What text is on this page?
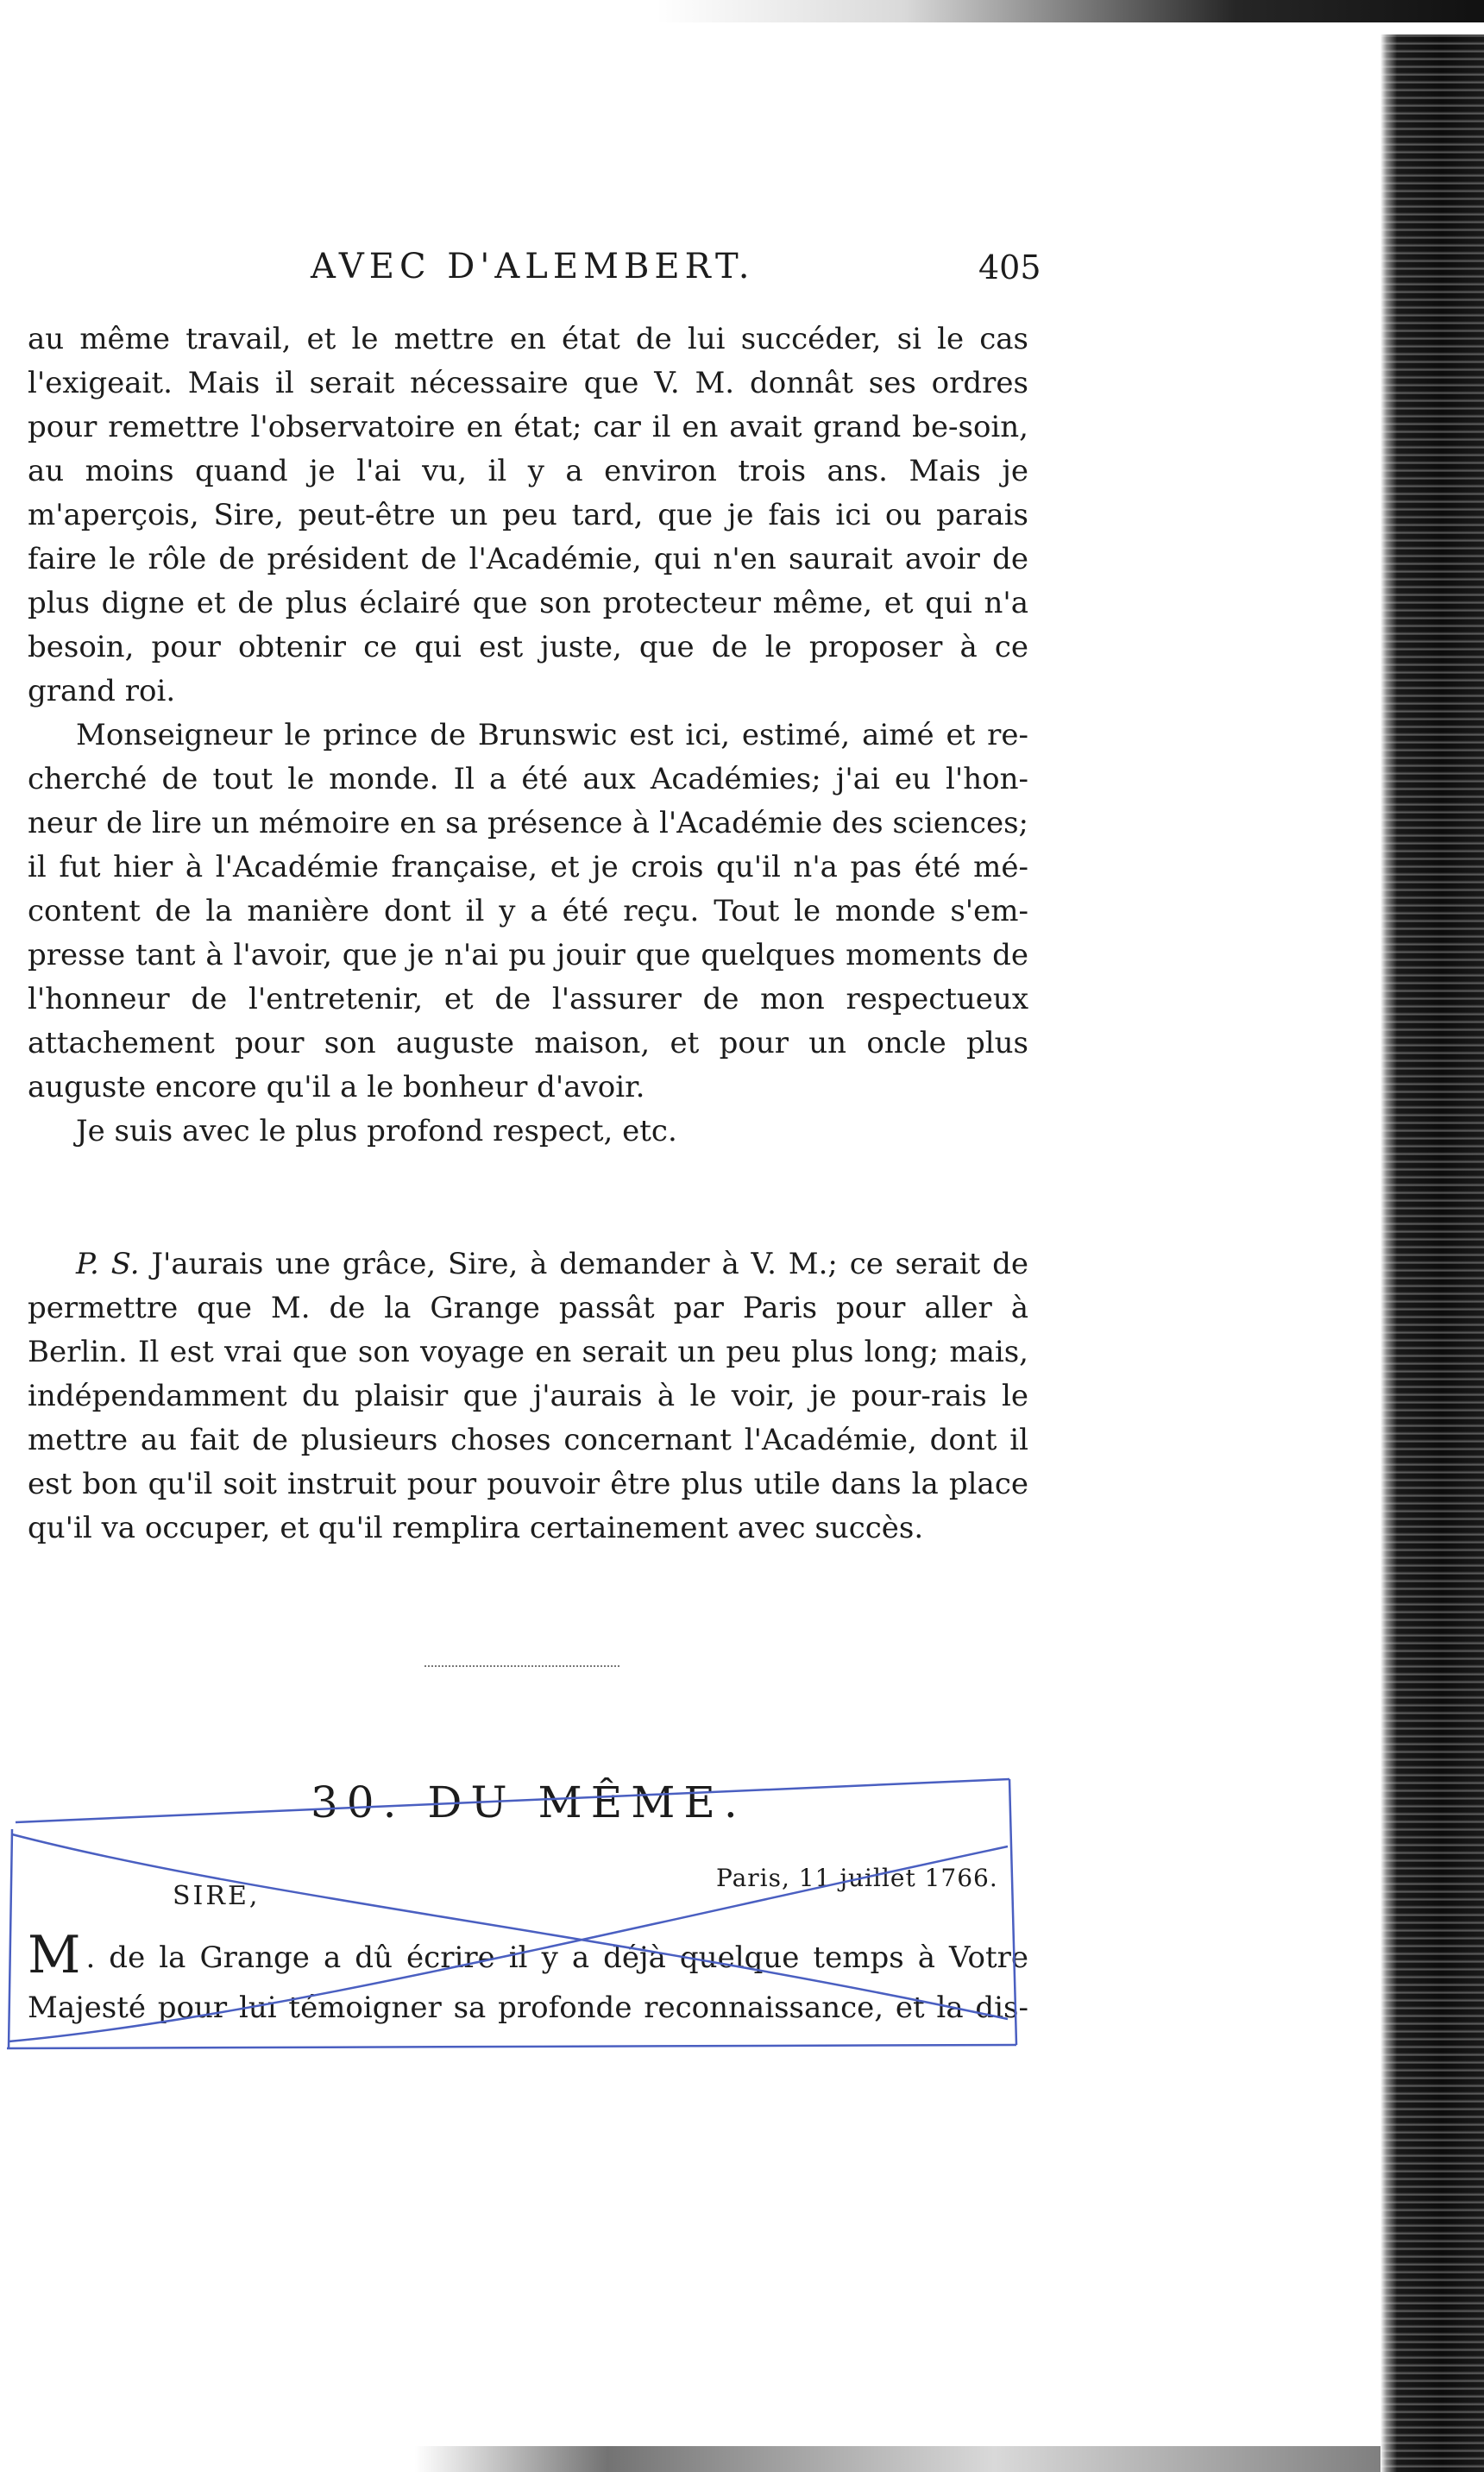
AVEC D'ALEMBERT.	405

au même travail, et le mettre en état de lui succéder, si le cas l'exigeait. Mais il serait nécessaire que V. M. donnât ses ordres pour remettre l'observatoire en état; car il en avait grand be-soin, au moins quand je l'ai vu, il y a environ trois ans. Mais je m'aperçois, Sire, peut-être un peu tard, que je fais ici ou parais faire le rôle de président de l'Académie, qui n'en saurait avoir de plus digne et de plus éclairé que son protecteur même, et qui n'a besoin, pour obtenir ce qui est juste, que de le proposer à ce grand roi.

Monseigneur le prince de Brunswic est ici, estimé, aimé et re-cherché de tout le monde. Il a été aux Académies; j'ai eu l'hon-neur de lire un mémoire en sa présence à l'Académie des sciences; il fut hier à l'Académie française, et je crois qu'il n'a pas été mé-content de la manière dont il y a été reçu. Tout le monde s'em-presse tant à l'avoir, que je n'ai pu jouir que quelques moments de l'honneur de l'entretenir, et de l'assurer de mon respectueux attachement pour son auguste maison, et pour un oncle plus auguste encore qu'il a le bonheur d'avoir.

Je suis avec le plus profond respect, etc.

P. S. J'aurais une grâce, Sire, à demander à V. M.; ce serait de permettre que M. de la Grange passât par Paris pour aller à Berlin. Il est vrai que son voyage en serait un peu plus long; mais, indépendamment du plaisir que j'aurais à le voir, je pour-rais le mettre au fait de plusieurs choses concernant l'Académie, dont il est bon qu'il soit instruit pour pouvoir être plus utile dans la place qu'il va occuper, et qu'il remplira certainement avec succès.

30. DU MÊME.
Paris, 11 juillet 1766.
SIRE,

M . de la Grange a dû écrire il y a déjà quelque temps à Votre Majesté pour lui témoigner sa profonde reconnaissance, et la dis-
